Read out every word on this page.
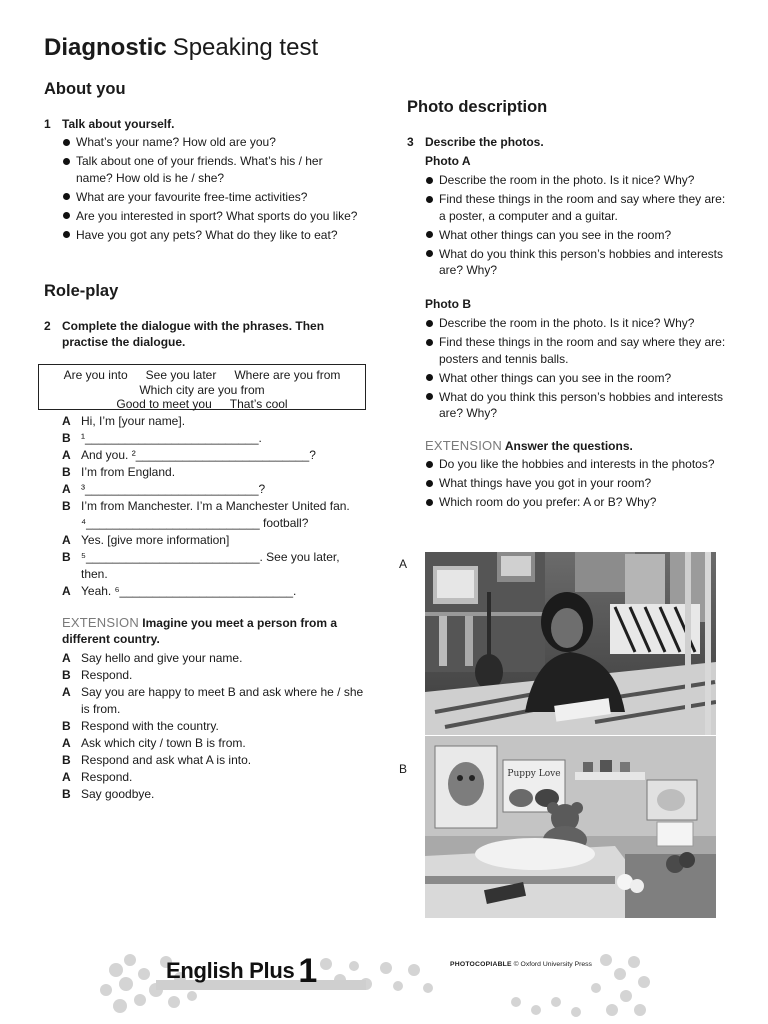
Diagnostic Speaking test
About you
1 Talk about yourself.
What’s your name? How old are you?
Talk about one of your friends. What’s his / her name? How old is he / she?
What are your favourite free-time activities?
Are you interested in sport? What sports do you like?
Have you got any pets? What do they like to eat?
Role-play
2 Complete the dialogue with the phrases. Then practise the dialogue.
Are you into See you later Where are you from
Which city are you from
Good to meet you That’s cool
A Hi, I’m [your name].
B ¹__________________________.
A And you. ²__________________________?
B I’m from England.
A ³__________________________?
B I’m from Manchester. I’m a Manchester United fan. ⁴__________________________ football?
A Yes. [give more information]
B ⁵__________________________. See you later, then.
A Yeah. ⁶__________________________.
EXTENSION Imagine you meet a person from a different country.
A Say hello and give your name.
B Respond.
A Say you are happy to meet B and ask where he / she is from.
B Respond with the country.
A Ask which city / town B is from.
B Respond and ask what A is into.
A Respond.
B Say goodbye.
Photo description
3 Describe the photos.
Photo A
Describe the room in the photo. Is it nice? Why?
Find these things in the room and say where they are: a poster, a computer and a guitar.
What other things can you see in the room?
What do you think this person’s hobbies and interests are? Why?
Photo B
Describe the room in the photo. Is it nice? Why?
Find these things in the room and say where they are: posters and tennis balls.
What other things can you see in the room?
What do you think this person’s hobbies and interests are? Why?
EXTENSION Answer the questions.
Do you like the hobbies and interests in the photos?
What things have you got in your room?
Which room do you prefer: A or B? Why?
A
B	Puppy Love
English Plus 1	PHOTOCOPIABLE © Oxford University Press
